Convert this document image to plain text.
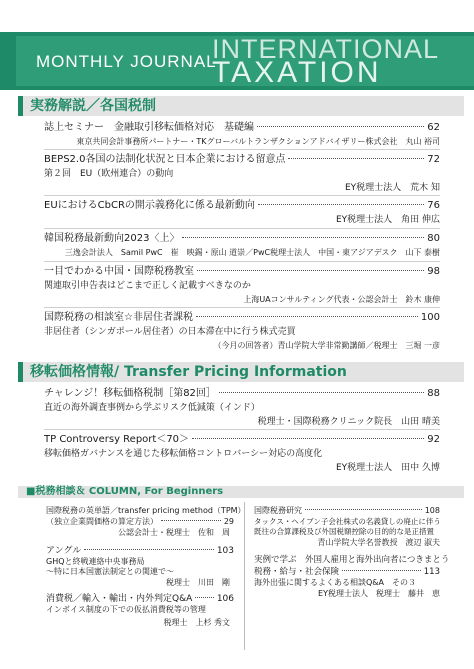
MONTHLY JOURNAL
INTERNATIONAL
TAXATION
実務解説／各国税制
誌上セミナー　金融取引移転価格対応　基礎編	62
東京共同会計事務所パートナー・TKグローバルトランザクションアドバイザリー株式会社　丸山 裕司
BEPS2.0各国の法制化状況と日本企業における留意点	72
第２回　EU（欧州連合）の動向
EY税理士法人　荒木 知
EUにおけるCbCRの開示義務化に係る最新動向	76
EY税理士法人　角田 伸広
韓国税務最新動向2023〈上〉	80
三逸会計法人　Samil PwC　崔　映錫・原山 道崇／PwC税理士法人　中国・東アジアデスク　山下 泰樹
一目でわかる中国・国際税務教室	98
関連取引申告表はどこまで正しく記載すべきなのか
上海UAコンサルティング代表・公認会計士　鈴木 康伸
国際税務の相談室☆非居住者課税	100
非居住者（シンガポール居住者）の日本滞在中に行う株式売買
（今月の回答者）青山学院大学非常勤講師／税理士　三堀 一彦
移転価格情報/ Transfer Pricing Information
チャレンジ！移転価格税制［第82回］	88
直近の海外調査事例から学ぶリスク低減策（インド）
税理士・国際税務クリニック院長　山田 晴美
TP Controversy Report＜70＞	92
移転価格ガバナンスを通じた移転価格コントロバーシー対応の高度化
EY税理士法人　田中 久博
■税務相談＆ COLUMN, For Beginners
国際税務の英単語／transfer pricing method（TPM）
（独立企業間価格の算定方法）	29
公認会計士・税理士　佐和　周
アングル	103
GHQと終戦連絡中央事務局
～特に日本国憲法制定との関連で～
税理士　川田　剛
消費税／輸入・輸出・内外判定Q&A	106
インボイス制度の下での仮払消費税等の管理
税理士　上杉 秀文
国際税務研究	108
タックス・ヘイブン子会社株式の名義貸しの廃止に伴う
既往の合算課税及び外国税額控除の目的的な是正措置
青山学院大学名誉教授　渡辺 淑夫
実例で学ぶ　外国人雇用と海外出向者につきまとう
税務・給与・社会保険	113
海外出張に関するよくある相談Q&A　その３
EY税理士法人　税理士　藤井　恵
